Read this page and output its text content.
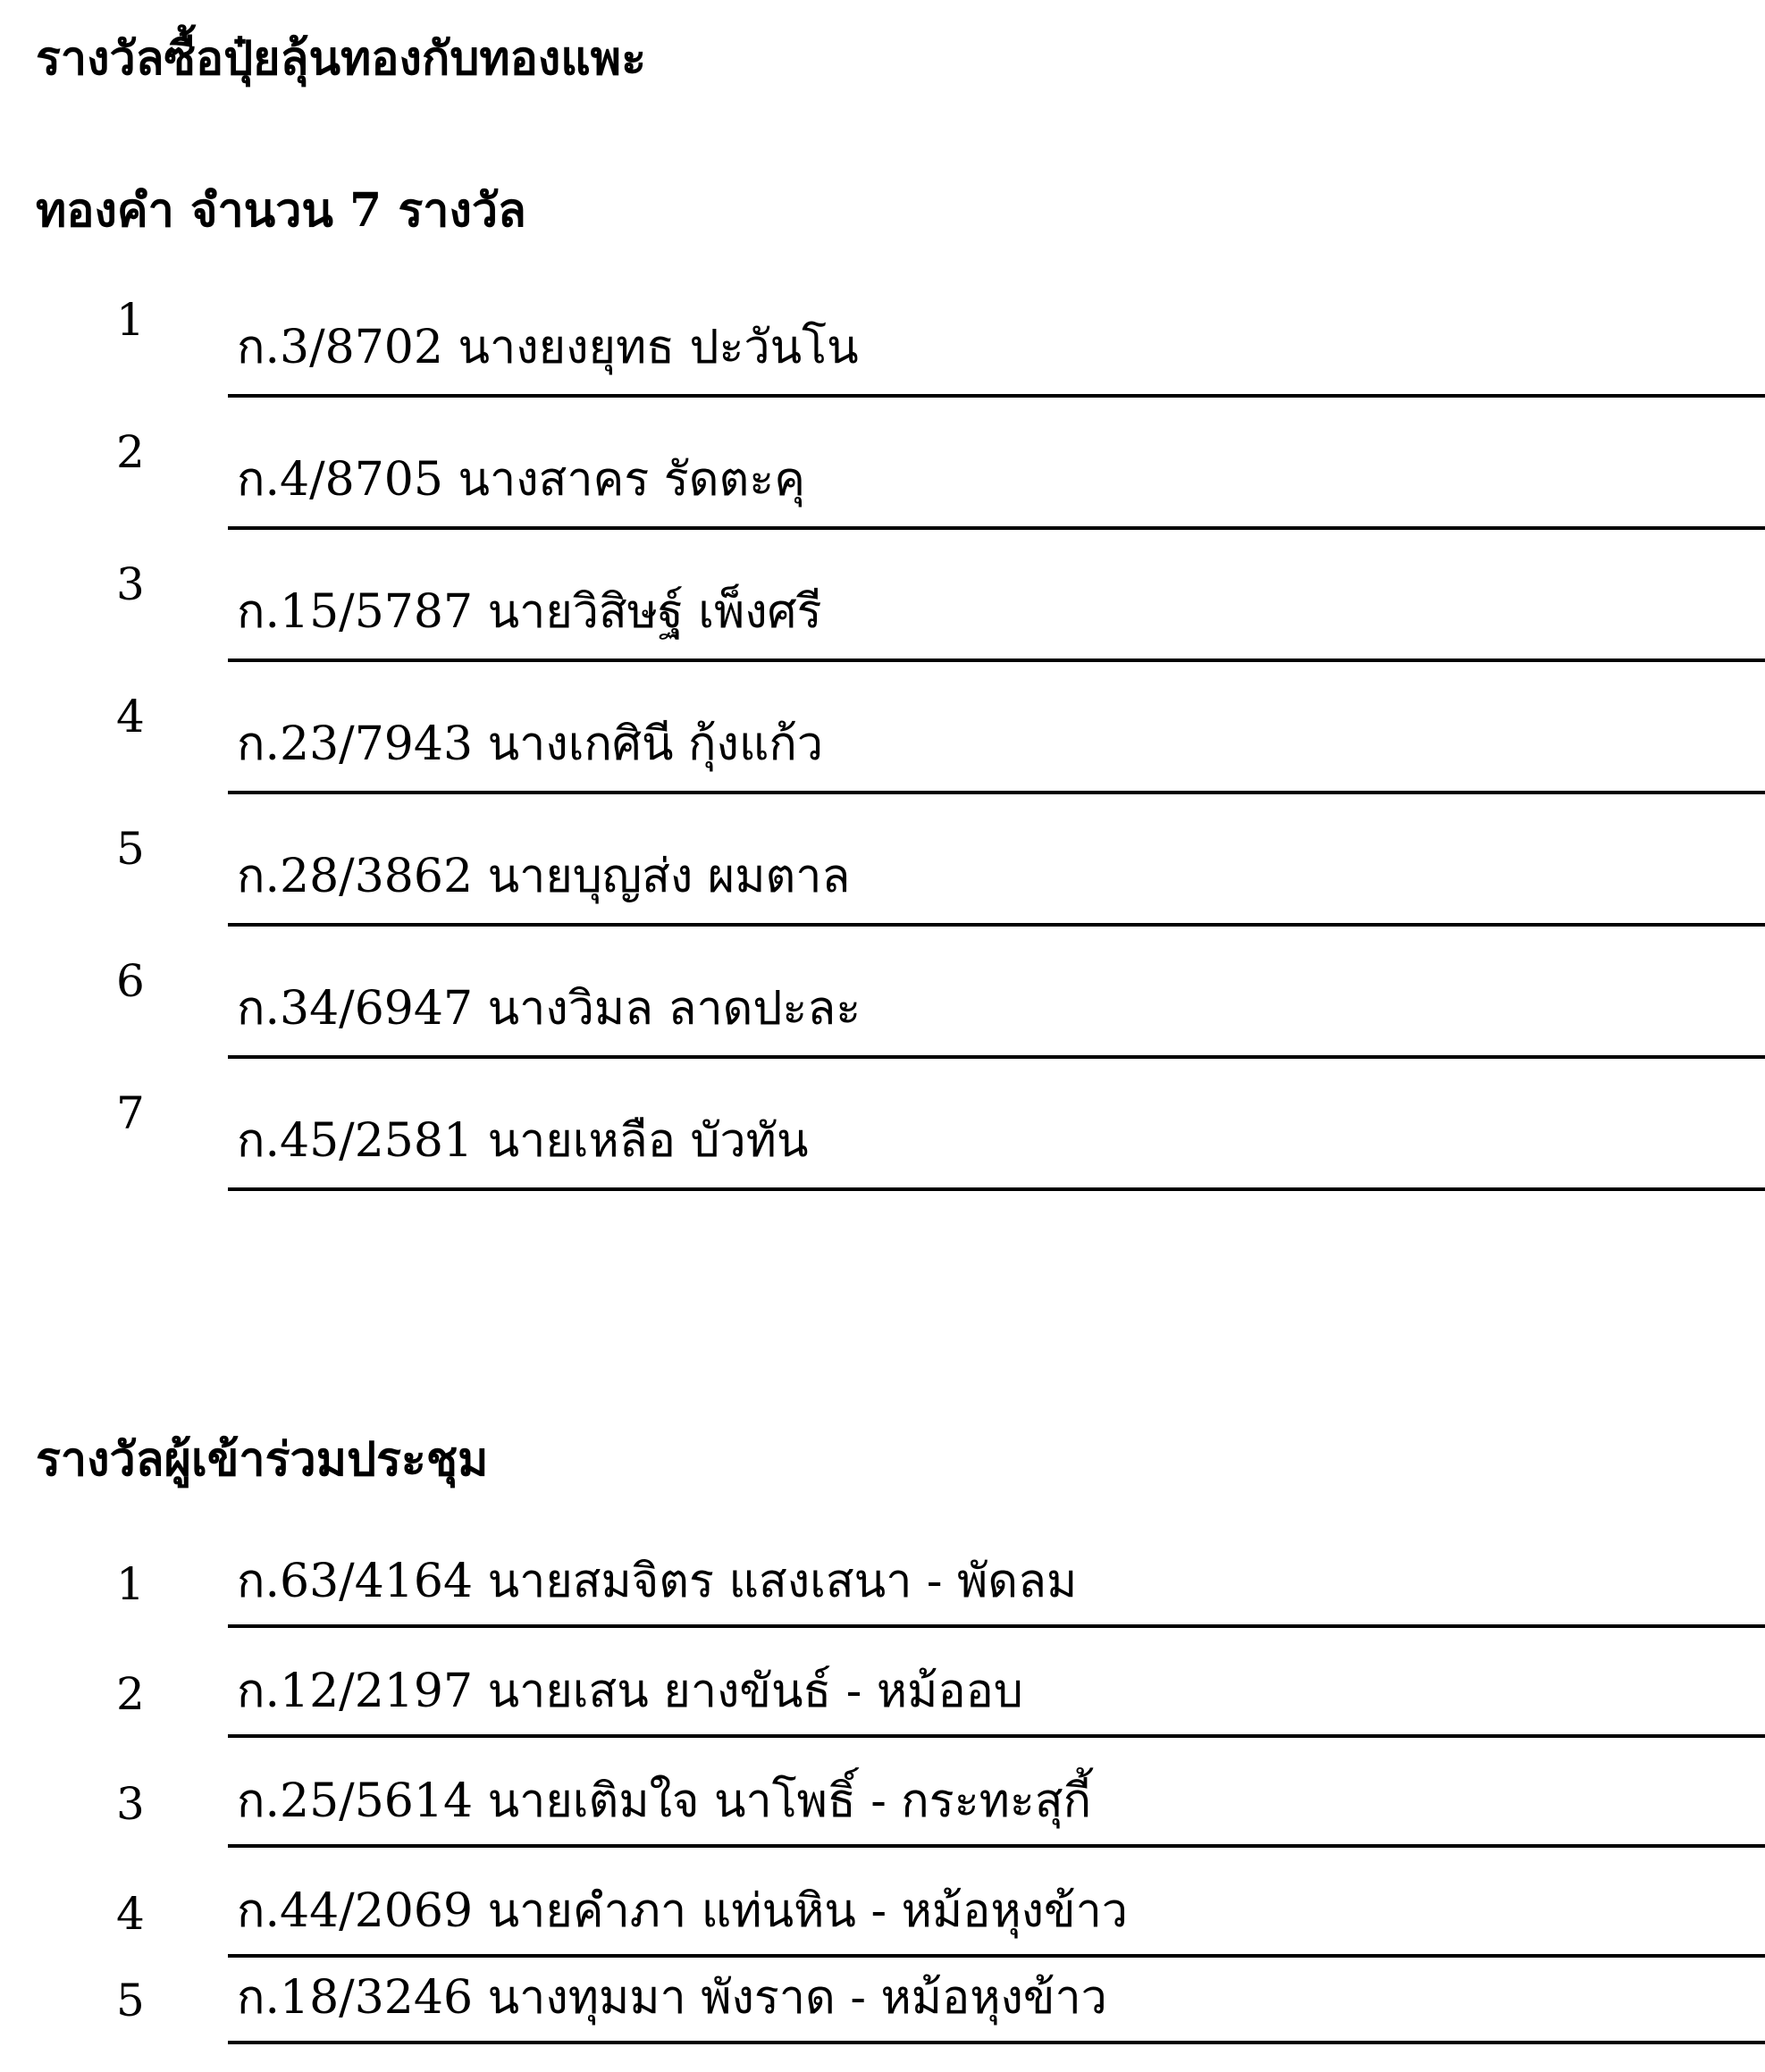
รางวัลซื้อปุ๋ยลุ้นทองกับทองแพะ
ทองคำ จำนวน 7 รางวัล
1
ก.3/8702 นางยงยุทธ ปะวันโน
2
ก.4/8705 นางสาคร รัดตะคุ
3
ก.15/5787 นายวิสิษฐ์ เพ็งศรี
4
ก.23/7943 นางเกศินี กุ้งแก้ว
5
ก.28/3862 นายบุญส่ง ผมตาล
6
ก.34/6947 นางวิมล ลาดปะละ
7
ก.45/2581 นายเหลือ บัวทัน
รางวัลผู้เข้าร่วมประชุม
1 ก.63/4164 นายสมจิตร แสงเสนา - พัดลม
2 ก.12/2197 นายเสน ยางขันธ์ - หม้ออบ
3 ก.25/5614 นายเติมใจ นาโพธิ์ - กระทะสุกี้
4 ก.44/2069 นายคำภา แท่นหิน - หม้อหุงข้าว
5 ก.18/3246 นางทุมมา พังราด - หม้อหุงข้าว
